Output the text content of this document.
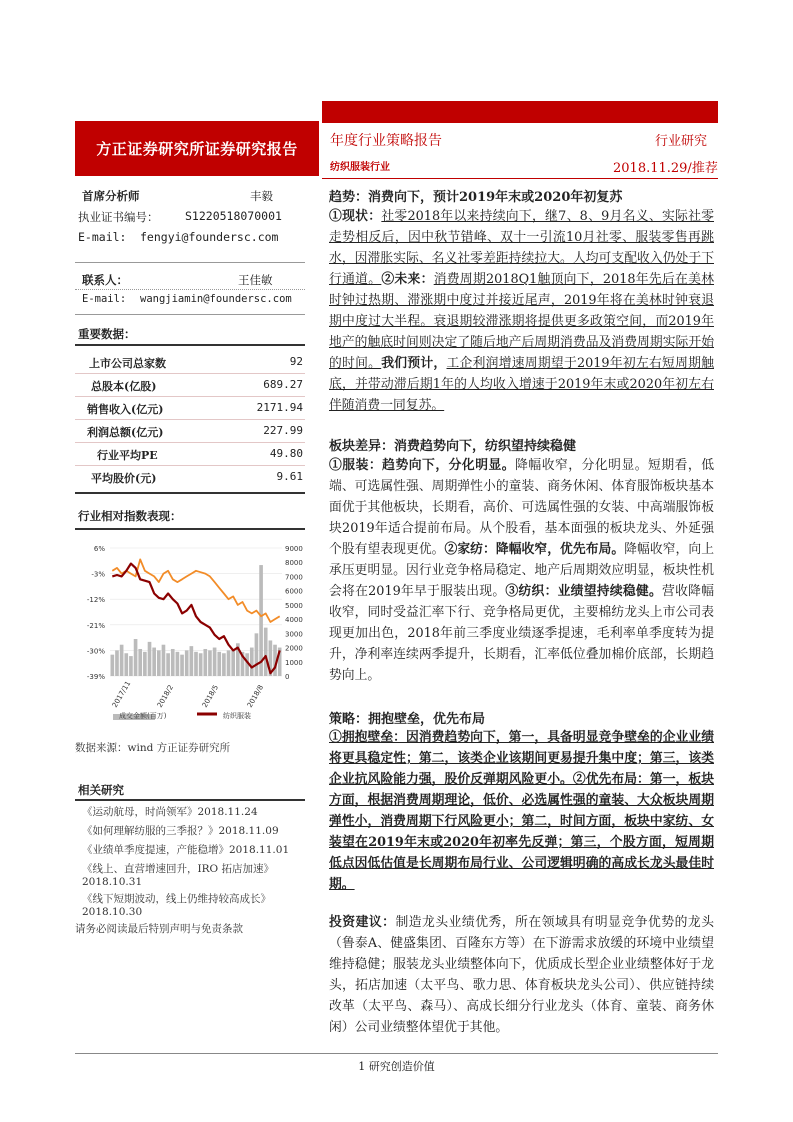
方正证券研究所证券研究报告 年度行业策略报告	行业研究
纺织服装行业	2018.11.29/推荐
首席分析师	丰毅
执业证书编号： S1220518070001
E-mail: fengyi@foundersc.com
联系人：	王佳敏
E-mail: wangjiamin@foundersc.com
重要数据：
上市公司总家数	92
总股本(亿股)	689.27
销售收入(亿元)	2171.94
利润总额(亿元)	227.99
行业平均PE	49.80
平均股价(元)	9.61
行业相对指数表现：
6%
-3%
-12%
-21%
-30%
-39%
9000
8000
7000
6000
5000
4000
3000
2000
1000
0
2017/11	2018/2	2018/5	2018/8
成交金额(百万)	纺织服装
数据来源：wind 方正证券研究所
相关研究
《运动航母，时尚领军》2018.11.24
《如何理解纺服的三季报？》2018.11.09
《业绩单季度提速，产能稳增》2018.11.01
《线上、直营增速回升，IRO 拓店加速》
2018.10.31
《线下短期波动，线上仍维持较高成长》
2018.10.30
请务必阅读最后特别声明与免责条款
趋势：消费向下，预计2019年末或2020年初复苏
①现状：社零2018年以来持续向下，继7、8、9月名义、实际社零走势相反后，因中秋节错峰、双十一引流10月社零、服装零售再跳水，因滞胀实际、名义社零差距持续拉大。人均可支配收入仍处于下行通道。②未来：消费周期2018Q1触顶向下，2018年先后在美林时钟过热期、滞涨期中度过并接近尾声，2019年将在美林时钟衰退期中度过大半程。衰退期较滞涨期将提供更多政策空间，而2019年地产的触底时间则决定了随后地产后周期消费品及消费周期实际开始的时间。我们预计，工企利润增速周期望于2019年初左右短周期触底，并带动滞后期1年的人均收入增速于2019年末或2020年初左右伴随消费一同复苏。
板块差异：消费趋势向下，纺织望持续稳健
①服装：趋势向下，分化明显。降幅收窄，分化明显。短期看，低端、可选属性强、周期弹性小的童装、商务休闲、体育服饰板块基本面优于其他板块，长期看，高价、可选属性强的女装、中高端服饰板块2019年适合提前布局。从个股看，基本面强的板块龙头、外延强个股有望表现更优。②家纺：降幅收窄，优先布局。降幅收窄，向上承压更明显。因行业竞争格局稳定、地产后周期效应明显，板块性机会将在2019年早于服装出现。③纺织：业绩望持续稳健。营收降幅收窄，同时受益汇率下行、竞争格局更优，主要棉纺龙头上市公司表现更加出色，2018年前三季度业绩逐季提速，毛利率单季度转为提升，净利率连续两季提升，长期看，汇率低位叠加棉价底部，长期趋势向上。
策略：拥抱壁垒，优先布局
①拥抱壁垒：因消费趋势向下，第一，具备明显竞争壁垒的企业业绩将更具稳定性；第二，该类企业该期间更易提升集中度；第三，该类企业抗风险能力强，股价反弹期风险更小。②优先布局：第一，板块方面，根据消费周期理论，低价、必选属性强的童装、大众板块周期弹性小，消费周期下行风险更小；第二，时间方面，板块中家纺、女装望在2019年末或2020年初率先反弹；第三，个股方面，短周期低点因低估值是长周期布局行业、公司逻辑明确的高成长龙头最佳时期。
投资建议：制造龙头业绩优秀，所在领域具有明显竞争优势的龙头（鲁泰A、健盛集团、百隆东方等）在下游需求放缓的环境中业绩望维持稳健；服装龙头业绩整体向下，优质成长型企业业绩整体好于龙头，拓店加速（太平鸟、歌力思、体育板块龙头公司）、供应链持续改革（太平鸟、森马）、高成长细分行业龙头（体育、童装、商务休闲）公司业绩整体望优于其他。
1 研究创造价值
